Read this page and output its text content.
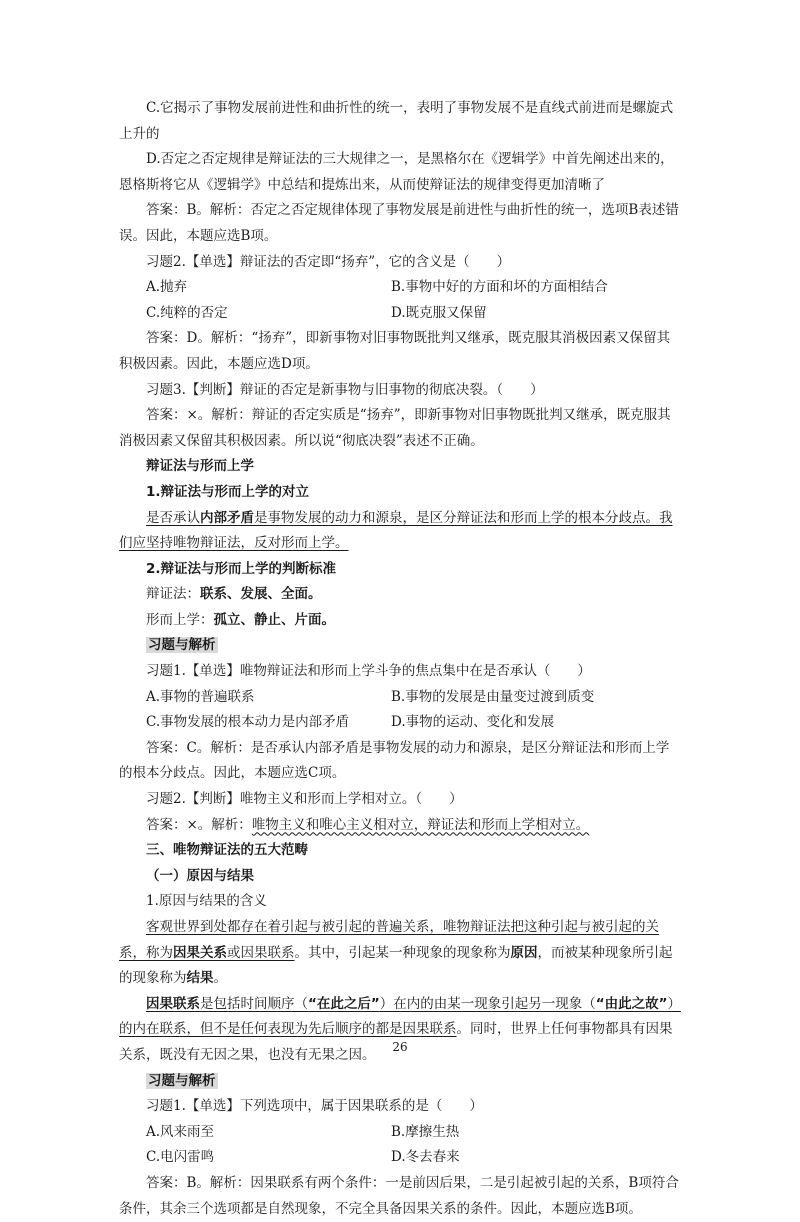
C.它揭示了事物发展前进性和曲折性的统一，表明了事物发展不是直线式前进而是螺旋式上升的

D.否定之否定规律是辩证法的三大规律之一，是黑格尔在《逻辑学》中首先阐述出来的，恩格斯将它从《逻辑学》中总结和提炼出来，从而使辩证法的规律变得更加清晰了

答案：B。解析：否定之否定规律体现了事物发展是前进性与曲折性的统一，选项B表述错误。因此，本题应选B项。

习题2.【单选】辩证法的否定即“扬弃”，它的含义是（　　）

A.抛弃	B.事物中好的方面和坏的方面相结合
C.纯粹的否定	D.既克服又保留

答案：D。解析：“扬弃”，即新事物对旧事物既批判又继承，既克服其消极因素又保留其积极因素。因此，本题应选D项。

习题3.【判断】辩证的否定是新事物与旧事物的彻底决裂。（　　）

答案：×。解析：辩证的否定实质是“扬弃”，即新事物对旧事物既批判又继承，既克服其消极因素又保留其积极因素。所以说“彻底决裂”表述不正确。

辩证法与形而上学

1.辩证法与形而上学的对立

是否承认内部矛盾是事物发展的动力和源泉，是区分辩证法和形而上学的根本分歧点。我们应坚持唯物辩证法，反对形而上学。

2.辩证法与形而上学的判断标准

辩证法：联系、发展、全面。

形而上学：孤立、静止、片面。

习题与解析

习题1.【单选】唯物辩证法和形而上学斗争的焦点集中在是否承认（　　）

A.事物的普遍联系	B.事物的发展是由量变过渡到质变
C.事物发展的根本动力是内部矛盾	D.事物的运动、变化和发展

答案：C。解析：是否承认内部矛盾是事物发展的动力和源泉，是区分辩证法和形而上学的根本分歧点。因此，本题应选C项。

习题2.【判断】唯物主义和形而上学相对立。（　　）

答案：×。解析：唯物主义和唯心主义相对立，辩证法和形而上学相对立。

三、唯物辩证法的五大范畴

（一）原因与结果

1.原因与结果的含义

客观世界到处都存在着引起与被引起的普遍关系，唯物辩证法把这种引起与被引起的关系，称为因果关系或因果联系。其中，引起某一种现象的现象称为原因，而被某种现象所引起的现象称为结果。

因果联系是包括时间顺序（“在此之后”）在内的由某一现象引起另一现象（“由此之故”）的内在联系，但不是任何表现为先后顺序的都是因果联系。同时，世界上任何事物都具有因果关系，既没有无因之果，也没有无果之因。

习题与解析

习题1.【单选】下列选项中，属于因果联系的是（　　）

A.风来雨至	B.摩擦生热
C.电闪雷鸣	D.冬去春来

答案：B。解析：因果联系有两个条件：一是前因后果，二是引起被引起的关系，B项符合条件，其余三个选项都是自然现象，不完全具备因果关系的条件。因此，本题应选B项。

26
